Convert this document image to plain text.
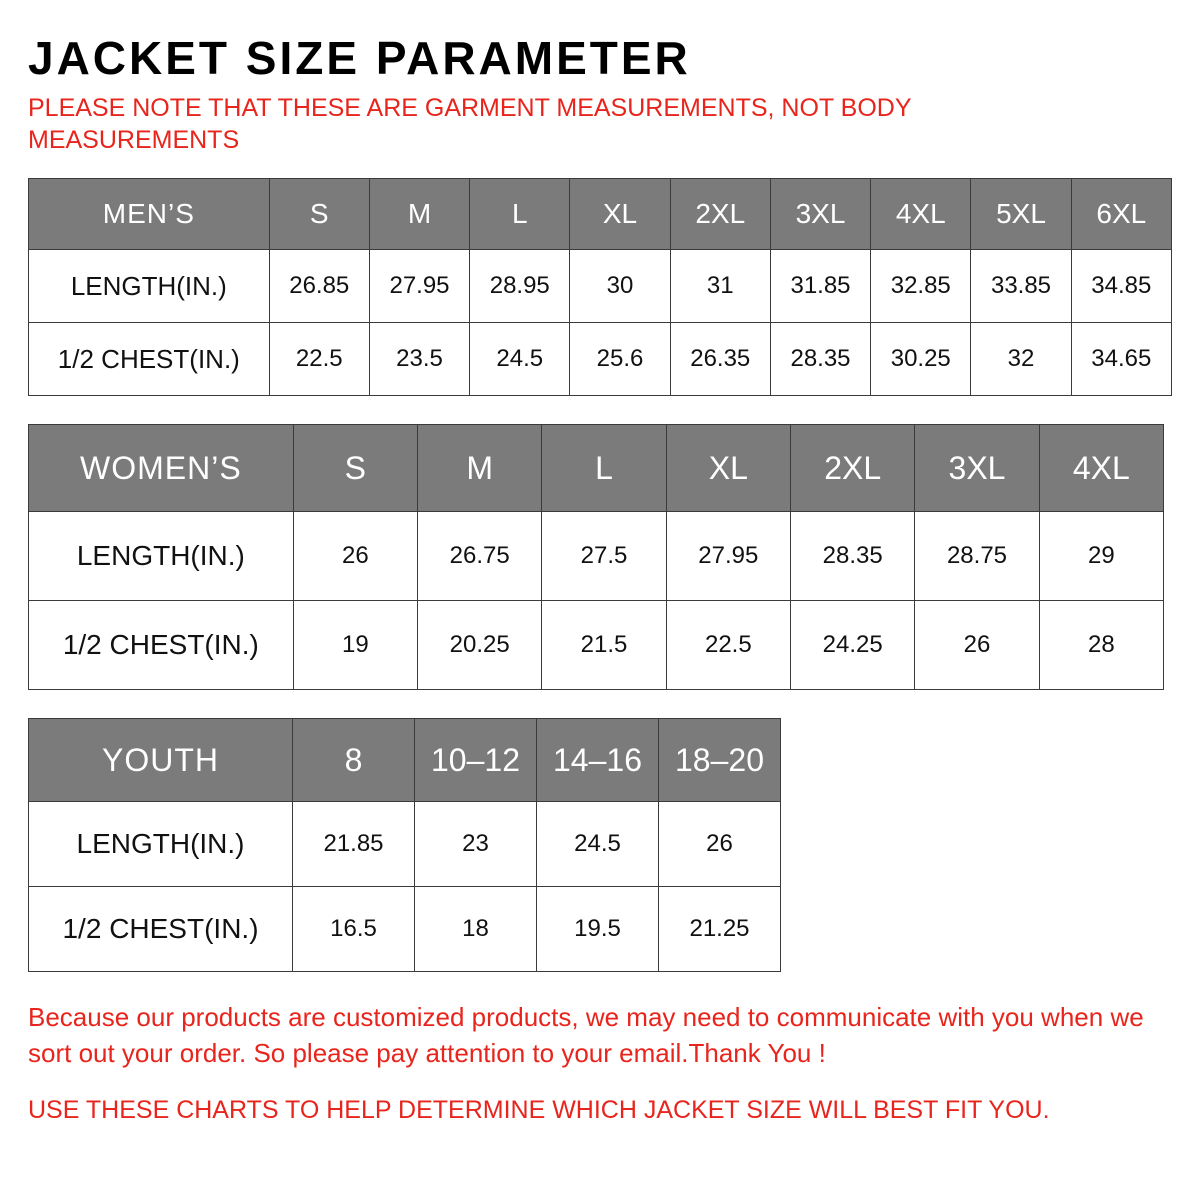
JACKET SIZE PARAMETER
PLEASE NOTE THAT THESE ARE GARMENT MEASUREMENTS, NOT BODY MEASUREMENTS
MEN’S	S	M	L	XL	2XL	3XL	4XL	5XL	6XL
LENGTH(IN.)	26.85	27.95	28.95	30	31	31.85	32.85	33.85	34.85
1/2 CHEST(IN.)	22.5	23.5	24.5	25.6	26.35	28.35	30.25	32	34.65
WOMEN’S	S	M	L	XL	2XL	3XL	4XL
LENGTH(IN.)	26	26.75	27.5	27.95	28.35	28.75	29
1/2 CHEST(IN.)	19	20.25	21.5	22.5	24.25	26	28
YOUTH	8	10–12	14–16	18–20
LENGTH(IN.)	21.85	23	24.5	26
1/2 CHEST(IN.)	16.5	18	19.5	21.25
Because our products are customized products, we may need to communicate with you when we sort out your order. So please pay attention to your email.Thank You !
USE THESE CHARTS TO HELP DETERMINE WHICH JACKET SIZE WILL BEST FIT YOU.
